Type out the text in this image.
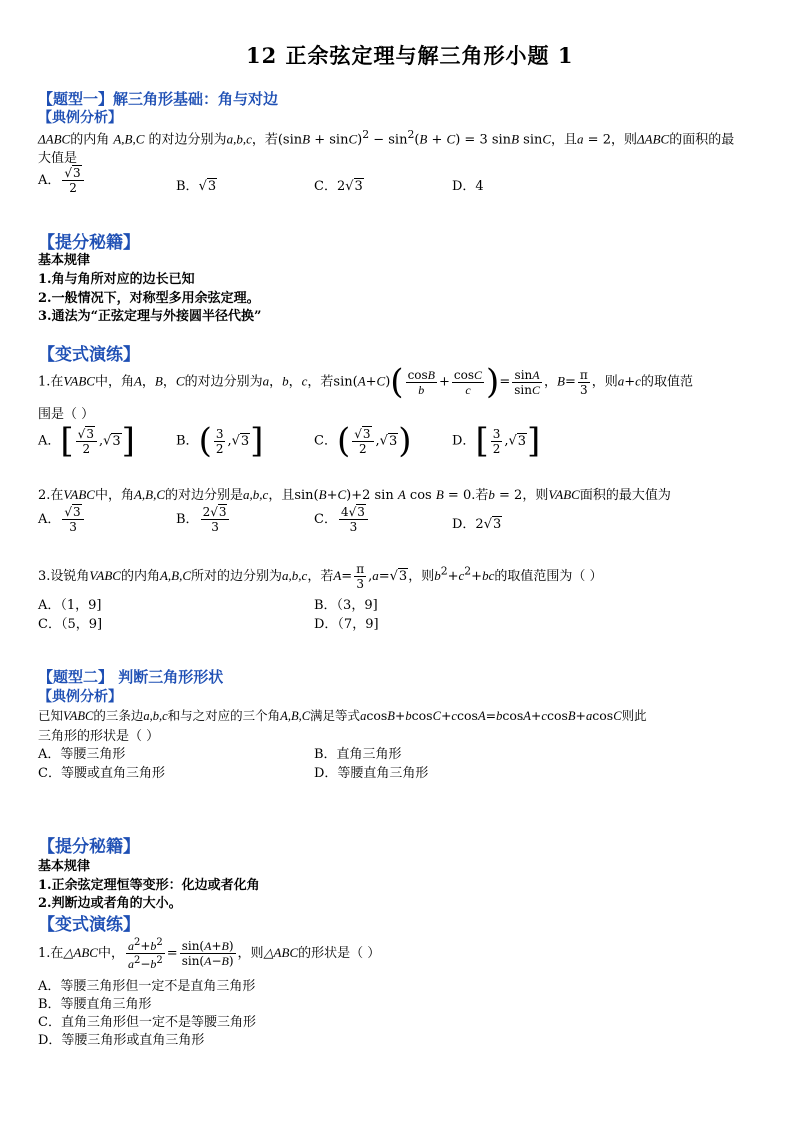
12 正余弦定理与解三角形小题 1
【题型一】解三角形基础：角与对边
【典例分析】
ΔABC的内角 A,B,C 的对边分别为a,b,c，若$(\sin B + \sin C)^2 - \sin^2(B + C) = 3$ sinB sinC，且a = 2，则ΔABC的面积的最
大值是
A． $\frac{√3}{2}$	B．√3	C．2√3	D．4
【提分秘籍】
基本规律
1.角与角所对应的边长已知
2.一般情况下，对称型多用余弦定理。
3.通法为“正弦定理与外接圆半径代换”
【变式演练】
1.在VABC中，角A，B，C的对边分别为a，b，c，若$\sin(A+C)( \frac{\cos B}{b} + \frac{\cos C}{c}$ )= $\frac{\sin A}{\sin C}$ ，$B= \frac{\pi}{3}$ ，则a+c的取值范
围是（ ）
A．[ $\frac{√3}{2} ,√3$]	B．( $\frac{3}{2} ,√3$]	C．( $\frac{√3}{2} ,√3$)	D．[ $\frac{3}{2} ,√3$]
2.在VABC中，角A,B,C的对边分别是a,b,c，且sin(B+C)+2 sin A cos B = 0.若b = 2，则VABC面积的最大值为
A． $\frac{√3}{3}$	B． $\frac{2√3}{3}$	C． $\frac{4√3}{3}$	D．2√3
3.设锐角VABC的内角A,B,C所对的边分别为a,b,c，若$A= \frac{\pi}{3} ,a=√3$，则$b^2+c^2+bc$的取值范围为（ ）
A．（1，9]	B．（3，9]
C．（5，9]	D．（7，9]
【题型二】 判断三角形形状
【典例分析】
已知VABC的三条边a,b,c和与之对应的三个角A,B,C满足等式acosB+bcosC+ccosA=bcosA+ccosB+acosC则此
三角形的形状是（ ）
A．等腰三角形	B．直角三角形
C．等腰或直角三角形	D．等腰直角三角形
【提分秘籍】
基本规律
1.正余弦定理恒等变形：化边或者化角
2.判断边或者角的大小。
【变式演练】
1.在△ABC中， $\frac{a^2+b^2}{a^2-b^2} = \frac{\sin(A+B)}{\sin(A-B)}$ ，则△ABC的形状是（ ）
A．等腰三角形但一定不是直角三角形
B．等腰直角三角形
C．直角三角形但一定不是等腰三角形
D．等腰三角形或直角三角形
